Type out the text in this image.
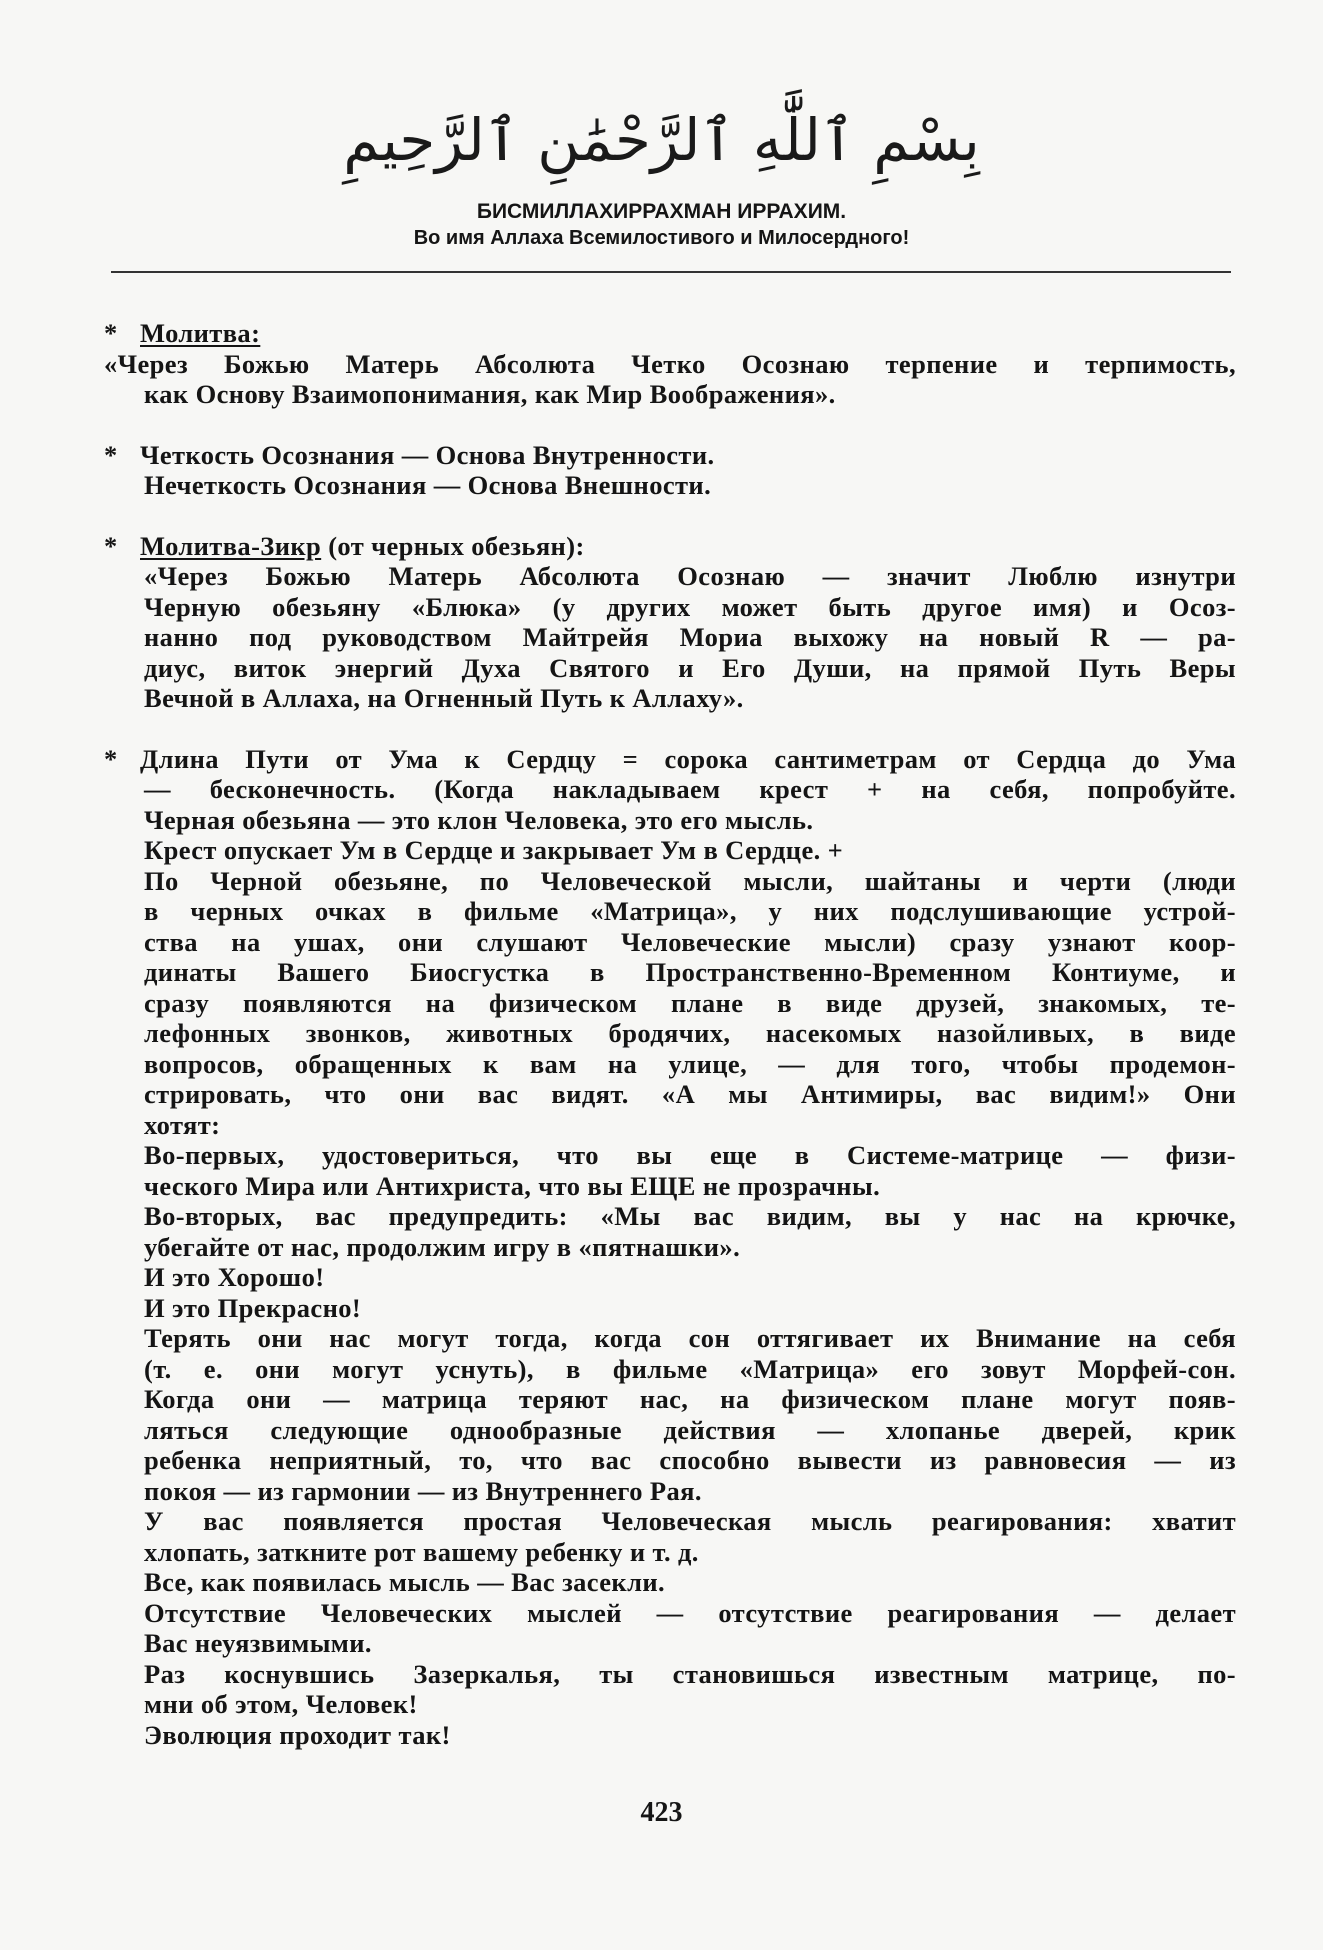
بِسْمِ ٱللَّٰهِ ٱلرَّحْمَٰنِ ٱلرَّحِيمِ
БИСМИЛЛАХИРРАХМАН ИРРАХИМ.
Во имя Аллаха Всемилостивого и Милосердного!
* Молитва:
«Через Божью Матерь Абсолюта Четко Осознаю терпение и терпимость,
как Основу Взаимопонимания, как Мир Воображения».
* Четкость Осознания — Основа Внутренности.
Нечеткость Осознания — Основа Внешности.
* Молитва-Зикр (от черных обезьян):
«Через Божью Матерь Абсолюта Осознаю — значит Люблю изнутри
Черную обезьяну «Блюка» (у других может быть другое имя) и Осоз-
нанно под руководством Майтрейя Мориа выхожу на новый R — ра-
диус, виток энергий Духа Святого и Его Души, на прямой Путь Веры
Вечной в Аллаха, на Огненный Путь к Аллаху».
* Длина Пути от Ума к Сердцу = сорока сантиметрам от Сердца до Ума
— бесконечность. (Когда накладываем крест + на себя, попробуйте.
Черная обезьяна — это клон Человека, это его мысль.
Крест опускает Ум в Сердце и закрывает Ум в Сердце. +
По Черной обезьяне, по Человеческой мысли, шайтаны и черти (люди
в черных очках в фильме «Матрица», у них подслушивающие устрой-
ства на ушах, они слушают Человеческие мысли) сразу узнают коор-
динаты Вашего Биосгустка в Пространственно-Временном Контиуме, и
сразу появляются на физическом плане в виде друзей, знакомых, те-
лефонных звонков, животных бродячих, насекомых назойливых, в виде
вопросов, обращенных к вам на улице, — для того, чтобы продемон-
стрировать, что они вас видят. «А мы Антимиры, вас видим!» Они
хотят:
Во-первых, удостовериться, что вы еще в Системе-матрице — физи-
ческого Мира или Антихриста, что вы ЕЩЕ не прозрачны.
Во-вторых, вас предупредить: «Мы вас видим, вы у нас на крючке,
убегайте от нас, продолжим игру в «пятнашки».
И это Хорошо!
И это Прекрасно!
Терять они нас могут тогда, когда сон оттягивает их Внимание на себя
(т. е. они могут уснуть), в фильме «Матрица» его зовут Морфей-сон.
Когда они — матрица теряют нас, на физическом плане могут появ-
ляться следующие однообразные действия — хлопанье дверей, крик
ребенка неприятный, то, что вас способно вывести из равновесия — из
покоя — из гармонии — из Внутреннего Рая.
У вас появляется простая Человеческая мысль реагирования: хватит
хлопать, заткните рот вашему ребенку и т. д.
Все, как появилась мысль — Вас засекли.
Отсутствие Человеческих мыслей — отсутствие реагирования — делает
Вас неуязвимыми.
Раз коснувшись Зазеркалья, ты становишься известным матрице, по-
мни об этом, Человек!
Эволюция проходит так!
423
